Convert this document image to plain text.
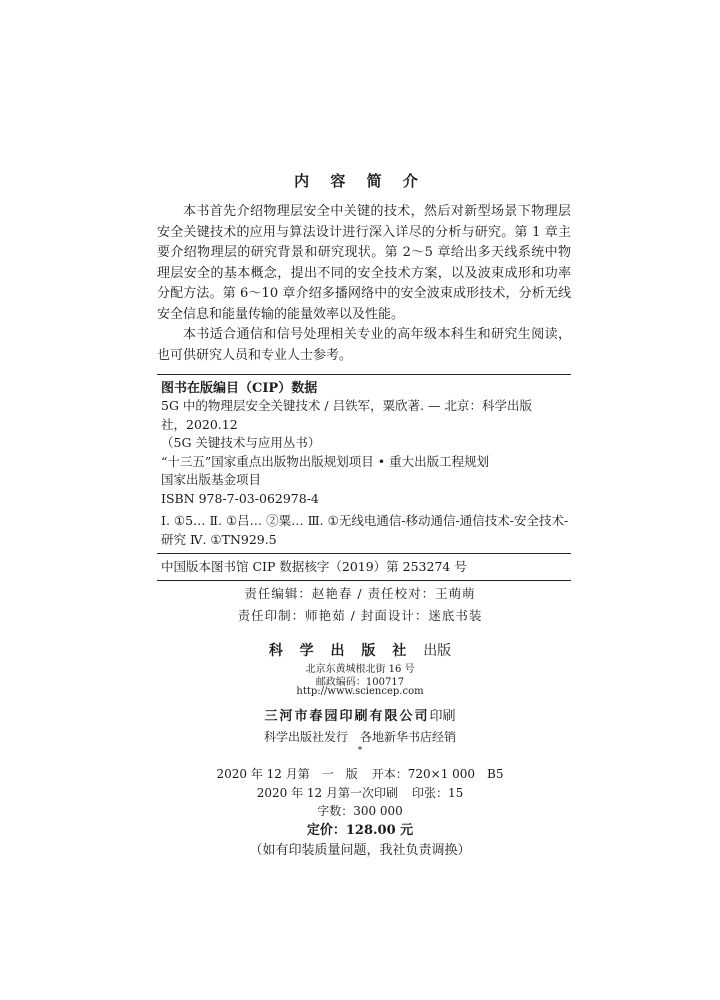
内 容 简 介

本书首先介绍物理层安全中关键的技术，然后对新型场景下物理层安全关键技术的应用与算法设计进行深入详尽的分析与研究。第 1 章主要介绍物理层的研究背景和研究现状。第 2～5 章给出多天线系统中物理层安全的基本概念，提出不同的安全技术方案，以及波束成形和功率分配方法。第 6～10 章介绍多播网络中的安全波束成形技术，分析无线安全信息和能量传输的能量效率以及性能。

本书适合通信和信号处理相关专业的高年级本科生和研究生阅读，也可供研究人员和专业人士参考。

图书在版编目（CIP）数据
5G 中的物理层安全关键技术 / 吕铁军，粟欣著. — 北京：科学出版
社，2020.12
（5G 关键技术与应用丛书）
“十三五”国家重点出版物出版规划项目 • 重大出版工程规划
国家出版基金项目
ISBN 978-7-03-062978-4
Ⅰ. ①5… Ⅱ. ①吕… ②粟… Ⅲ. ①无线电通信-移动通信-通信技术-安全技术-研究 Ⅳ. ①TN929.5
中国版本图书馆 CIP 数据核字（2019）第 253274 号
责任编辑：赵艳春 / 责任校对：王萌萌
责任印制：师艳茹 / 封面设计：迷底书装
科 学 出 版 社 出版
北京东黄城根北街 16 号
邮政编码：100717
http://www.sciencep.com
三河市春园印刷有限公司印刷
科学出版社发行　各地新华书店经销
*
2020 年 12 月第　一　版 开本：720×1 000　B5
2020 年 12 月第一次印刷 印张：15
字数：300 000
定价：128.00 元
（如有印装质量问题，我社负责调换）
